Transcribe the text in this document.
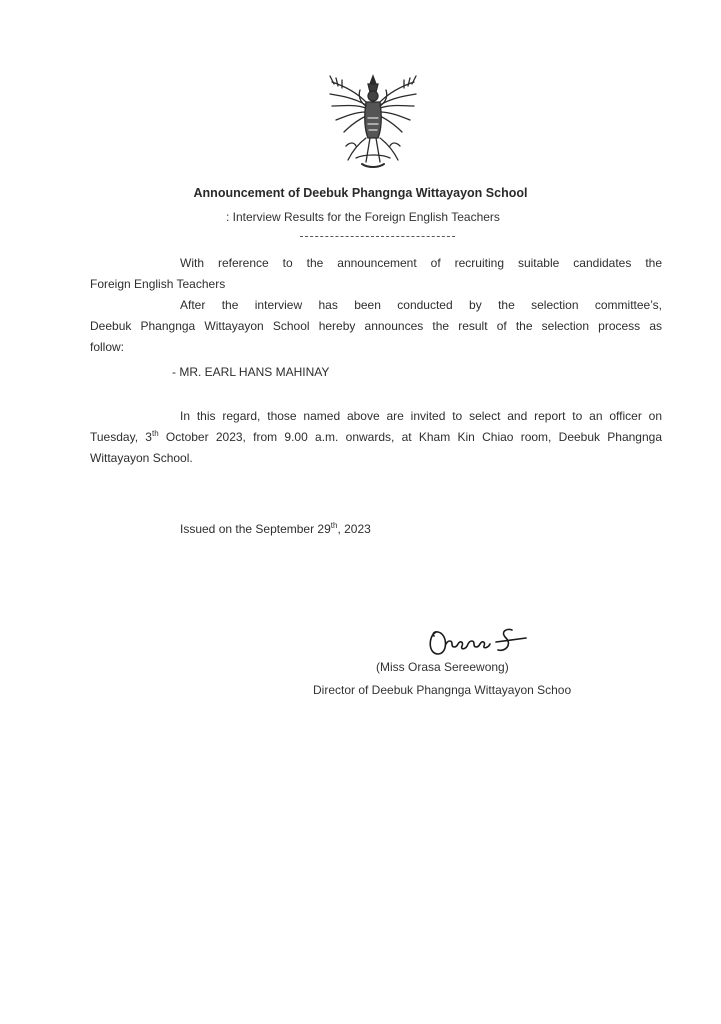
Announcement of Deebuk Phangnga Wittayayon School
: Interview Results for the Foreign English Teachers
With reference to the announcement of recruiting suitable candidates the
Foreign English Teachers
After the interview has been conducted by the selection committee’s,
Deebuk Phangnga Wittayayon School hereby announces the result of the selection process as
follow:
- MR. EARL HANS MAHINAY
In this regard, those named above are invited to select and report to an officer on
Tuesday, 3th October 2023, from 9.00 a.m. onwards, at Kham Kin Chiao room, Deebuk Phangnga
Wittayayon School.
Issued on the September 29th, 2023
(Miss Orasa Sereewong)
Director of Deebuk Phangnga Wittayayon Schoo
